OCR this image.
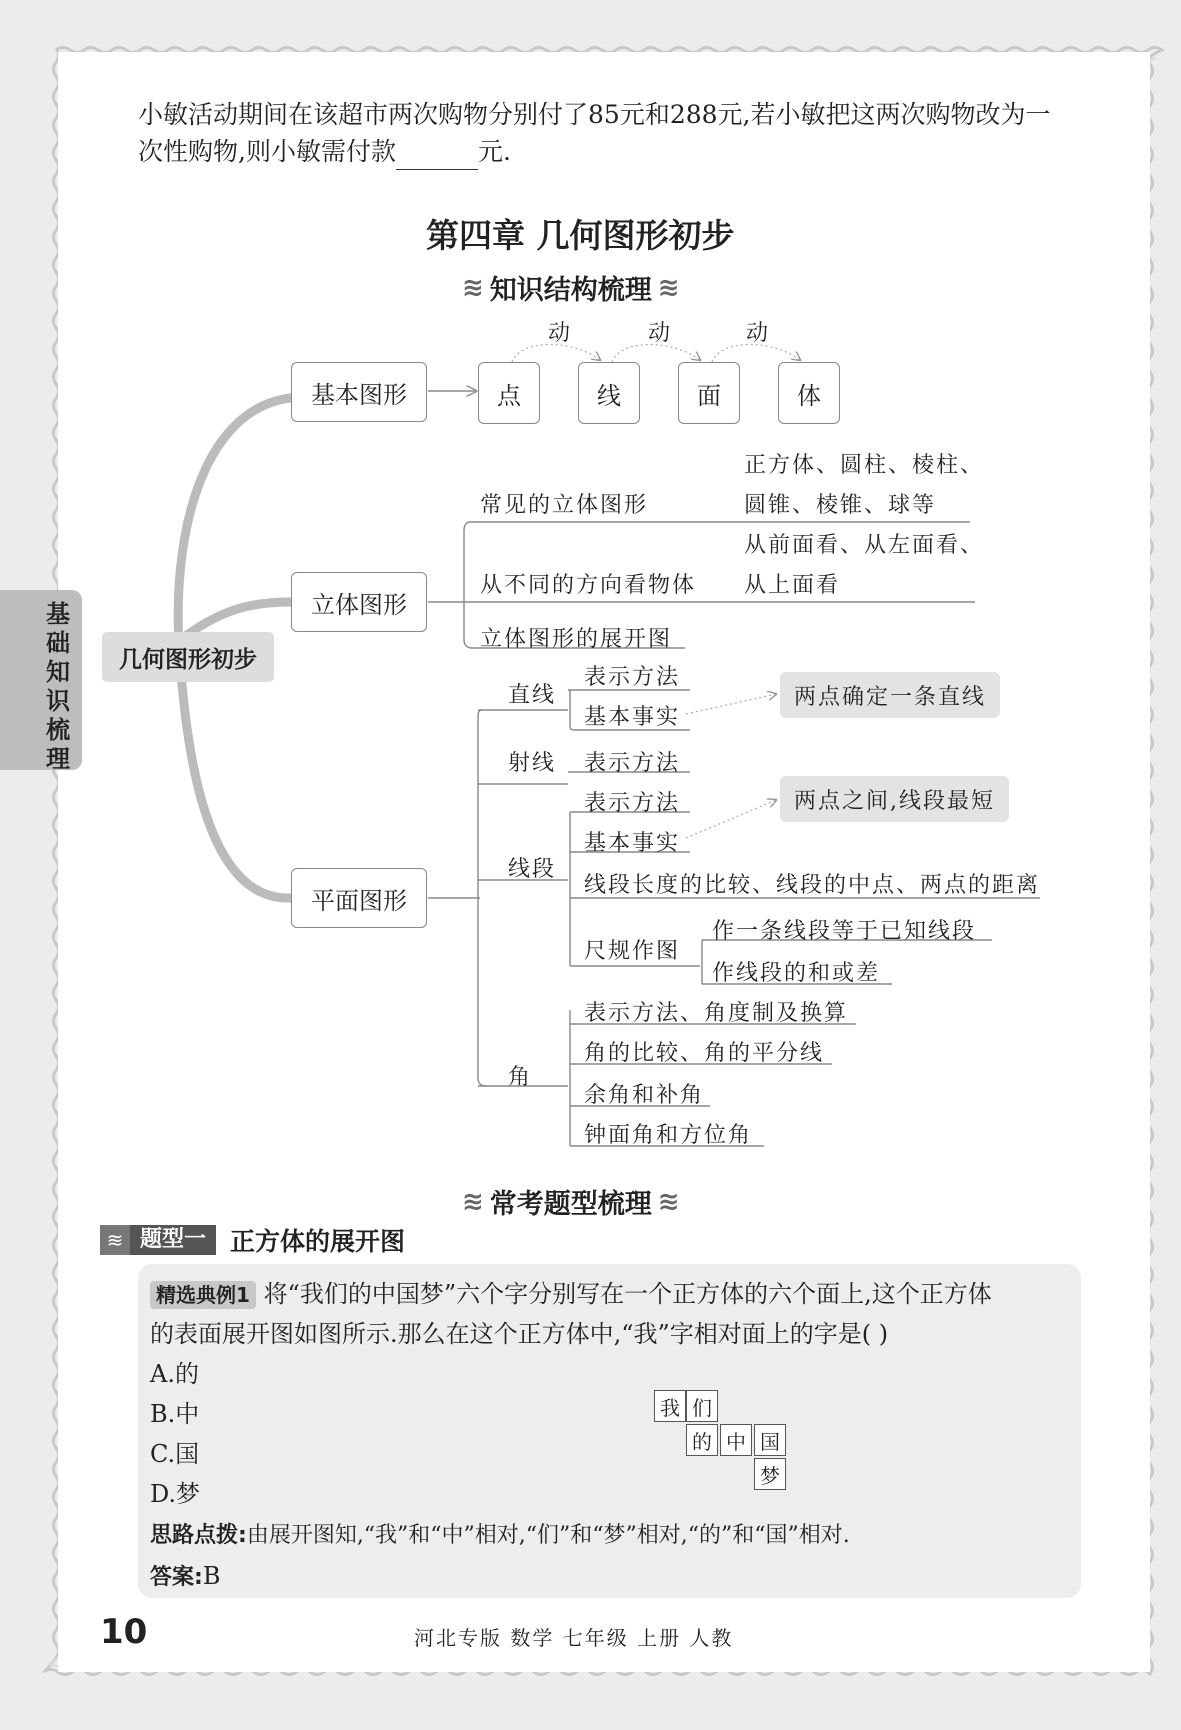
小敏活动期间在该超市两次购物分别付了85元和288元,若小敏把这两次购物改为一
次性购物,则小敏需付款	元.
第四章 几何图形初步
≋ 知识结构梳理 ≋
基
础
知
识
梳
理
几何图形初步
基本图形	点	线	面	体
动	动	动
立体图形
常见的立体图形
正方体、圆柱、棱柱、
圆锥、棱锥、球等
从不同的方向看物体
从前面看、从左面看、
从上面看
立体图形的展开图
平面图形
直线
表示方法
基本事实
两点确定一条直线
射线 表示方法
线段
表示方法
基本事实
两点之间,线段最短
线段长度的比较、线段的中点、两点的距离
尺规作图
作一条线段等于已知线段
作线段的和或差
角
表示方法、角度制及换算
角的比较、角的平分线
余角和补角
钟面角和方位角
≋ 常考题型梳理 ≋
≋ 题型一 正方体的展开图
精选典例1 将“我们的中国梦”六个字分别写在一个正方体的六个面上,这个正方体
的表面展开图如图所示.那么在这个正方体中,“我”字相对面上的字是( )
A.的
B.中
C.国
D.梦
思路点拨:由展开图知,“我”和“中”相对,“们”和“梦”相对,“的”和“国”相对.
答案:B
我 们
的 中 国
梦
10	河北专版 数学 七年级 上册 人教
